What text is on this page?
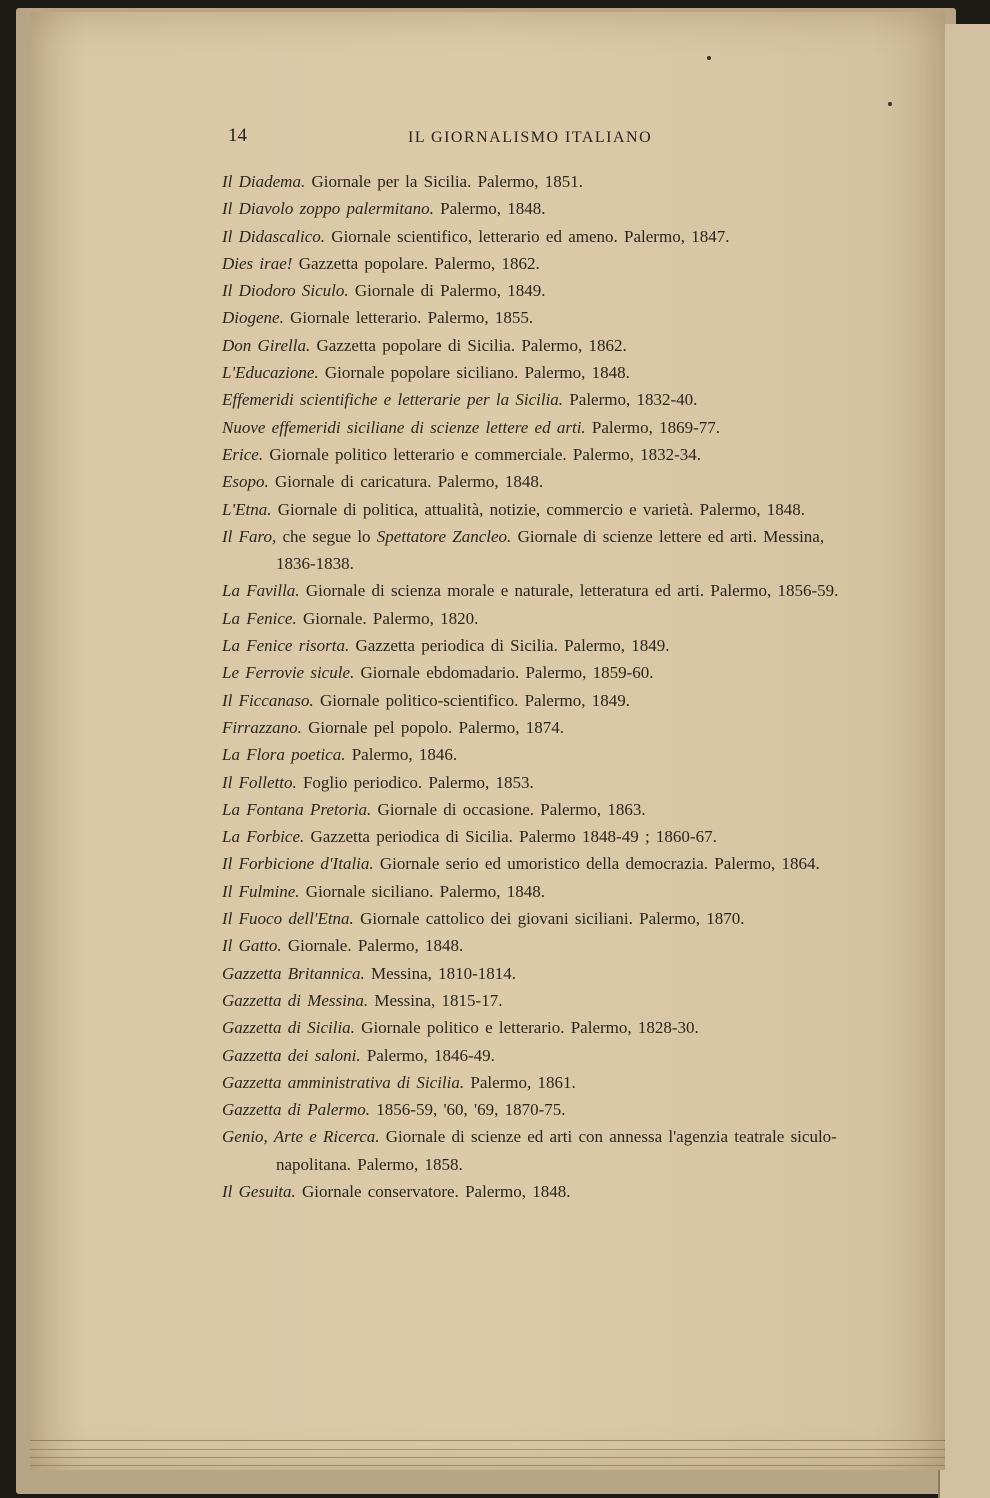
14	IL GIORNALISMO ITALIANO
Il Diadema. Giornale per la Sicilia. Palermo, 1851.
Il Diavolo zoppo palermitano. Palermo, 1848.
Il Didascalico. Giornale scientifico, letterario ed ameno. Palermo, 1847.
Dies irae! Gazzetta popolare. Palermo, 1862.
Il Diodoro Siculo. Giornale di Palermo, 1849.
Diogene. Giornale letterario. Palermo, 1855.
Don Girella. Gazzetta popolare di Sicilia. Palermo, 1862.
L'Educazione. Giornale popolare siciliano. Palermo, 1848.
Effemeridi scientifiche e letterarie per la Sicilia. Palermo, 1832-40.
Nuove effemeridi siciliane di scienze lettere ed arti. Palermo, 1869-77.
Erice. Giornale politico letterario e commerciale. Palermo, 1832-34.
Esopo. Giornale di caricatura. Palermo, 1848.
L'Etna. Giornale di politica, attualità, notizie, commercio e varietà. Palermo, 1848.
Il Faro, che segue lo Spettatore Zancleo. Giornale di scienze lettere ed arti. Messina, 1836-1838.
La Favilla. Giornale di scienza morale e naturale, letteratura ed arti. Palermo, 1856-59.
La Fenice. Giornale. Palermo, 1820.
La Fenice risorta. Gazzetta periodica di Sicilia. Palermo, 1849.
Le Ferrovie sicule. Giornale ebdomadario. Palermo, 1859-60.
Il Ficcanaso. Giornale politico-scientifico. Palermo, 1849.
Firrazzano. Giornale pel popolo. Palermo, 1874.
La Flora poetica. Palermo, 1846.
Il Folletto. Foglio periodico. Palermo, 1853.
La Fontana Pretoria. Giornale di occasione. Palermo, 1863.
La Forbice. Gazzetta periodica di Sicilia. Palermo 1848-49 ; 1860-67.
Il Forbicione d'Italia. Giornale serio ed umoristico della democrazia. Palermo, 1864.
Il Fulmine. Giornale siciliano. Palermo, 1848.
Il Fuoco dell'Etna. Giornale cattolico dei giovani siciliani. Palermo, 1870.
Il Gatto. Giornale. Palermo, 1848.
Gazzetta Britannica. Messina, 1810-1814.
Gazzetta di Messina. Messina, 1815-17.
Gazzetta di Sicilia. Giornale politico e letterario. Palermo, 1828-30.
Gazzetta dei saloni. Palermo, 1846-49.
Gazzetta amministrativa di Sicilia. Palermo, 1861.
Gazzetta di Palermo. 1856-59, '60, '69, 1870-75.
Genio, Arte e Ricerca. Giornale di scienze ed arti con annessa l'agenzia teatrale siculo-napolitana. Palermo, 1858.
Il Gesuita. Giornale conservatore. Palermo, 1848.
